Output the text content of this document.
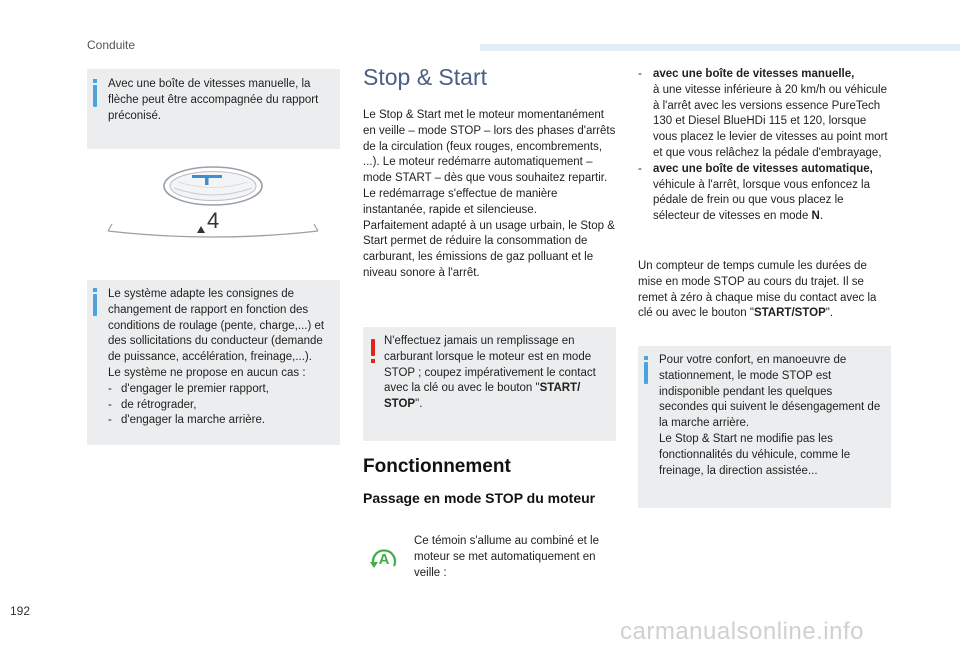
Conduite
Avec une boîte de vitesses manuelle, la flèche peut être accompagnée du rapport préconisé.
4

Le système adapte les consignes de changement de rapport en fonction des conditions de roulage (pente, charge,...) et des sollicitations du conducteur (demande de puissance, accélération, freinage,...).

Le système ne propose en aucun cas :

- d'engager le premier rapport,
- de rétrograder,
- d'engager la marche arrière.
Stop & Start

Le Stop & Start met le moteur momentanément en veille – mode STOP – lors des phases d'arrêts de la circulation (feux rouges, encombrements, ...). Le moteur redémarre automatiquement – mode START – dès que vous souhaitez repartir. Le redémarrage s'effectue de manière instantanée, rapide et silencieuse.

Parfaitement adapté à un usage urbain, le Stop & Start permet de réduire la consommation de carburant, les émissions de gaz polluant et le niveau sonore à l'arrêt.

N'effectuez jamais un remplissage en carburant lorsque le moteur est en mode STOP ; coupez impérativement le contact avec la clé ou avec le bouton "START/ STOP".
Fonctionnement
Passage en mode STOP du moteur
A
Ce témoin s'allume au combiné et le moteur se met automatiquement en veille :
- avec une boîte de vitesses manuelle,
à une vitesse inférieure à 20 km/h ou véhicule à l'arrêt avec les versions essence PureTech 130 et Diesel BlueHDi 115 et 120, lorsque vous placez le levier de vitesses au point mort et que vous relâchez la pédale d'embrayage,
- avec une boîte de vitesses automatique,
véhicule à l'arrêt, lorsque vous enfoncez la pédale de frein ou que vous placez le sélecteur de vitesses en mode N.
Un compteur de temps cumule les durées de mise en mode STOP au cours du trajet. Il se remet à zéro à chaque mise du contact avec la clé ou avec le bouton "START/STOP".

Pour votre confort, en manoeuvre de stationnement, le mode STOP est indisponible pendant les quelques secondes qui suivent le désengagement de la marche arrière.

Le Stop & Start ne modifie pas les fonctionnalités du véhicule, comme le freinage, la direction assistée...

192
carmanualsonline.info
